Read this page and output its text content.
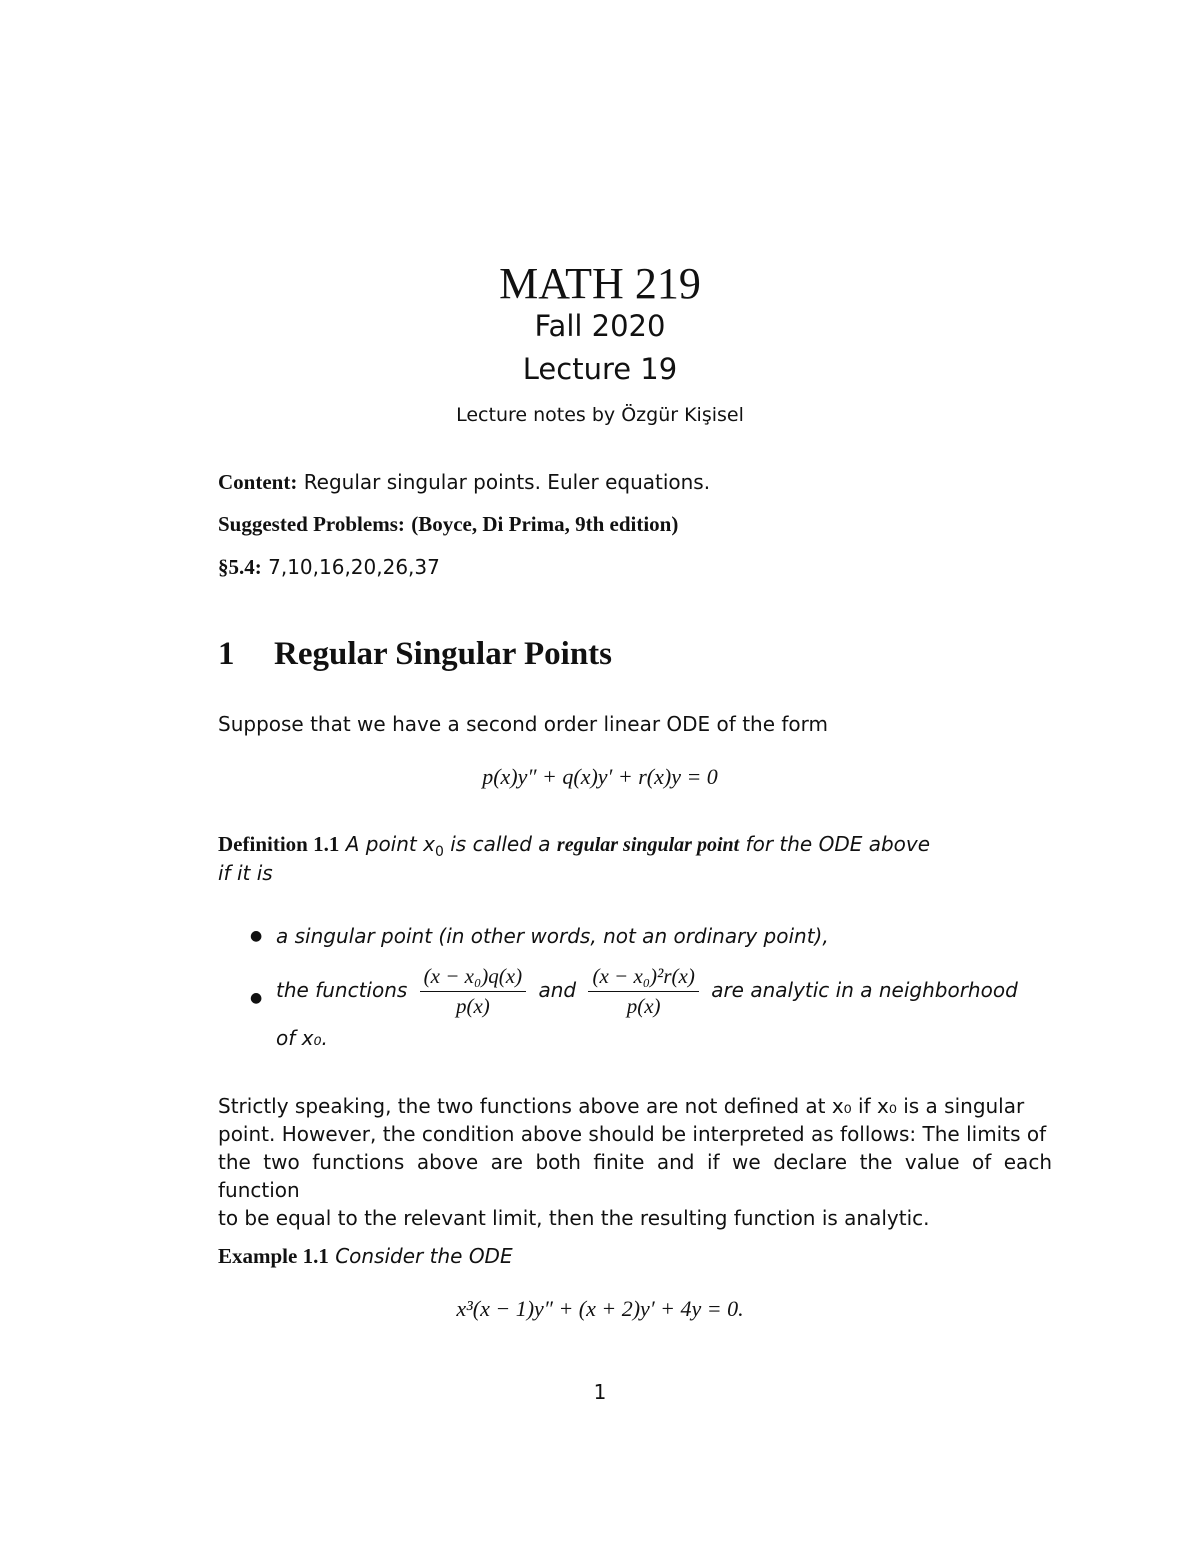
MATH 219
Fall 2020
Lecture 19
Lecture notes by Özgür Kişisel
Content: Regular singular points. Euler equations.
Suggested Problems: (Boyce, Di Prima, 9th edition)
§5.4: 7,10,16,20,26,37
1 Regular Singular Points
Suppose that we have a second order linear ODE of the form
p(x)y″ + q(x)y′ + r(x)y = 0
Definition 1.1 A point $x_0$ is called a regular singular point for the ODE above
if it is
● a singular point (in other words, not an ordinary point),
● the functions $\frac{\text{(x − x₀)q(x)}}{p(x)}$ and $\frac{\text{(x − x₀)²r(x)}}{p(x)}$ are analytic in a neighborhood
of x₀.
Strictly speaking, the two functions above are not defined at x₀ if x₀ is a singular
point. However, the condition above should be interpreted as follows: The limits of
the two functions above are both finite and if we declare the value of each function
to be equal to the relevant limit, then the resulting function is analytic.
Example 1.1 Consider the ODE
x³(x − 1)y″ + (x + 2)y′ + 4y = 0.
1
